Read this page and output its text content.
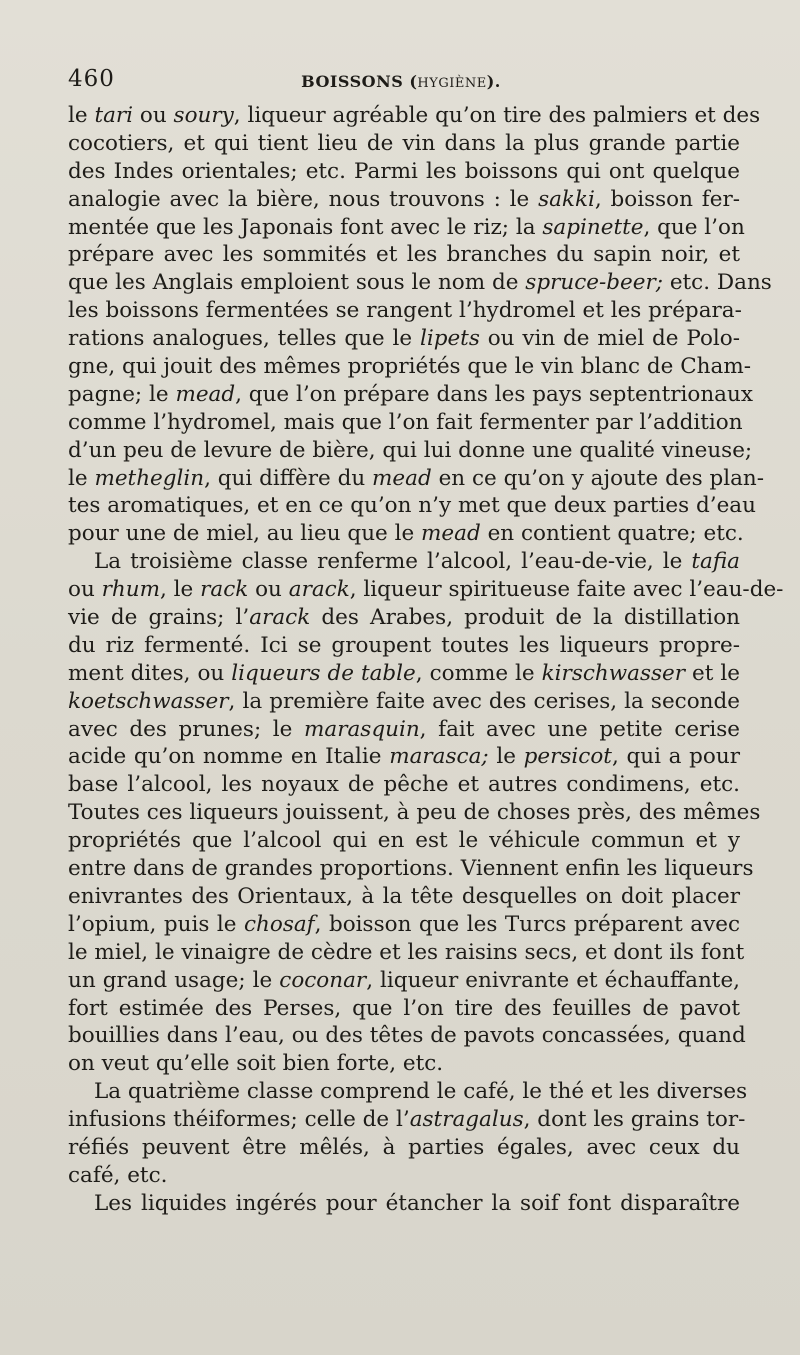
460	BOISSONS (HYGIÈNE).
le tari ou soury, liqueur agréable qu’on tire des palmiers et des
cocotiers, et qui tient lieu de vin dans la plus grande partie
des Indes orientales; etc. Parmi les boissons qui ont quelque
analogie avec la bière, nous trouvons : le sakki, boisson fer-
mentée que les Japonais font avec le riz; la sapinette, que l’on
prépare avec les sommités et les branches du sapin noir, et
que les Anglais emploient sous le nom de spruce-beer; etc. Dans
les boissons fermentées se rangent l’hydromel et les prépara-
rations analogues, telles que le lipets ou vin de miel de Polo-
gne, qui jouit des mêmes propriétés que le vin blanc de Cham-
pagne; le mead, que l’on prépare dans les pays septentrionaux
comme l’hydromel, mais que l’on fait fermenter par l’addition
d’un peu de levure de bière, qui lui donne une qualité vineuse;
le metheglin, qui diffère du mead en ce qu’on y ajoute des plan-
tes aromatiques, et en ce qu’on n’y met que deux parties d’eau
pour une de miel, au lieu que le mead en contient quatre; etc.
La troisième classe renferme l’alcool, l’eau-de-vie, le tafia
ou rhum, le rack ou arack, liqueur spiritueuse faite avec l’eau-de-
vie de grains; l’arack des Arabes, produit de la distillation
du riz fermenté. Ici se groupent toutes les liqueurs propre-
ment dites, ou liqueurs de table, comme le kirschwasser et le
koetschwasser, la première faite avec des cerises, la seconde
avec des prunes; le marasquin, fait avec une petite cerise
acide qu’on nomme en Italie marasca; le persicot, qui a pour
base l’alcool, les noyaux de pêche et autres condimens, etc.
Toutes ces liqueurs jouissent, à peu de choses près, des mêmes
propriétés que l’alcool qui en est le véhicule commun et y
entre dans de grandes proportions. Viennent enfin les liqueurs
enivrantes des Orientaux, à la tête desquelles on doit placer
l’opium, puis le chosaf, boisson que les Turcs préparent avec
le miel, le vinaigre de cèdre et les raisins secs, et dont ils font
un grand usage; le coconar, liqueur enivrante et échauffante,
fort estimée des Perses, que l’on tire des feuilles de pavot
bouillies dans l’eau, ou des têtes de pavots concassées, quand
on veut qu’elle soit bien forte, etc.
La quatrième classe comprend le café, le thé et les diverses
infusions théiformes; celle de l’astragalus, dont les grains tor-
réfiés peuvent être mêlés, à parties égales, avec ceux du
café, etc.
Les liquides ingérés pour étancher la soif font disparaître
